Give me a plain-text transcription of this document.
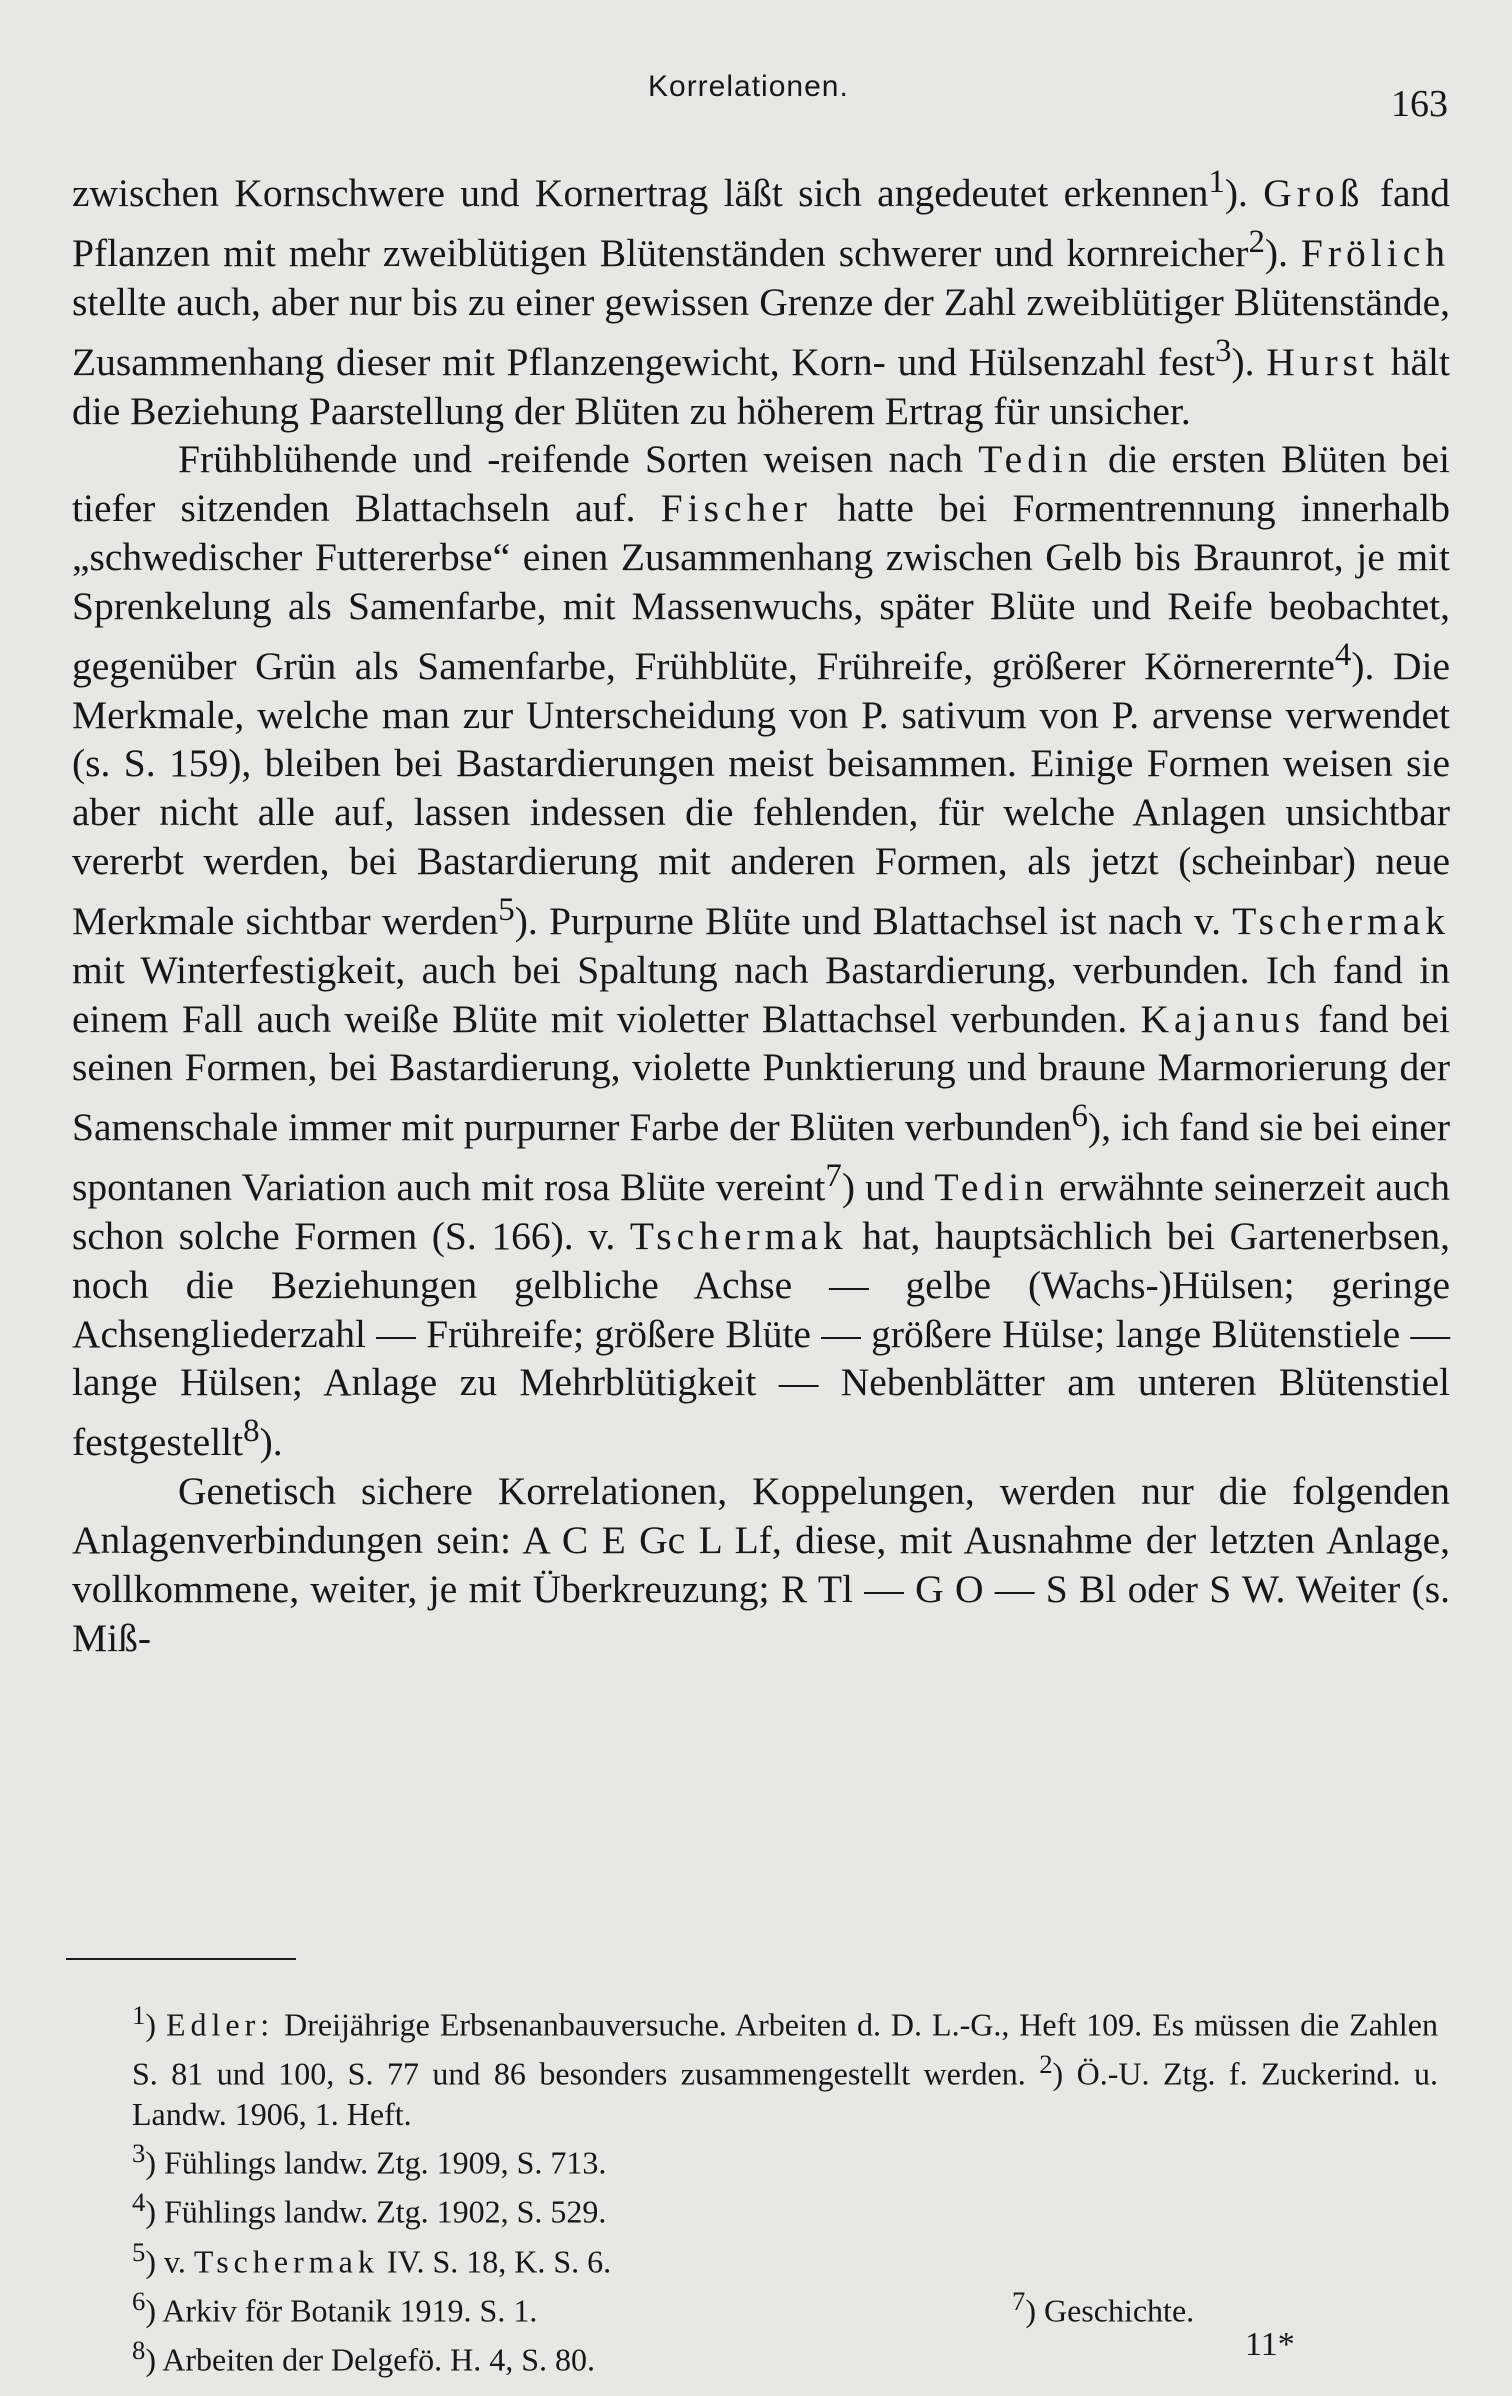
Korrelationen.	163

zwischen Kornschwere und Kornertrag läßt sich angedeutet erkennen$^1$). Groß fand Pflanzen mit mehr zweiblütigen Blütenständen schwerer und kornreicher$^2$). Frölich stellte auch, aber nur bis zu einer gewissen Grenze der Zahl zweiblütiger Blütenstände, Zusammenhang dieser mit Pflanzengewicht, Korn- und Hülsenzahl fest$^3$). Hurst hält die Beziehung Paarstellung der Blüten zu höherem Ertrag für unsicher.

Frühblühende und -reifende Sorten weisen nach Tedin die ersten Blüten bei tiefer sitzenden Blattachseln auf. Fischer hatte bei Formentrennung innerhalb „schwedischer Futtererbse“ einen Zusammenhang zwischen Gelb bis Braunrot, je mit Sprenkelung als Samenfarbe, mit Massenwuchs, später Blüte und Reife beobachtet, gegenüber Grün als Samenfarbe, Frühblüte, Frühreife, größerer Körnerernte$^4$). Die Merkmale, welche man zur Unterscheidung von P. sativum von P. arvense verwendet (s. S. 159), bleiben bei Bastardierungen meist beisammen. Einige Formen weisen sie aber nicht alle auf, lassen indessen die fehlenden, für welche Anlagen unsichtbar vererbt werden, bei Bastardierung mit anderen Formen, als jetzt (scheinbar) neue Merkmale sichtbar werden$^5$). Purpurne Blüte und Blattachsel ist nach v. Tschermak mit Winterfestigkeit, auch bei Spaltung nach Bastardierung, verbunden. Ich fand in einem Fall auch weiße Blüte mit violetter Blattachsel verbunden. Kajanus fand bei seinen Formen, bei Bastardierung, violette Punktierung und braune Marmorierung der Samenschale immer mit purpurner Farbe der Blüten verbunden$^6$), ich fand sie bei einer spontanen Variation auch mit rosa Blüte vereint$^7$) und Tedin erwähnte seinerzeit auch schon solche Formen (S. 166). v. Tschermak hat, hauptsächlich bei Gartenerbsen, noch die Beziehungen gelbliche Achse — gelbe (Wachs-)Hülsen; geringe Achsengliederzahl — Frühreife; größere Blüte — größere Hülse; lange Blütenstiele — lange Hülsen; Anlage zu Mehrblütigkeit — Nebenblätter am unteren Blütenstiel festgestellt$^8$).

Genetisch sichere Korrelationen, Koppelungen, werden nur die folgenden Anlagenverbindungen sein: A C E Gc L Lf, diese, mit Ausnahme der letzten Anlage, vollkommene, weiter, je mit Überkreuzung; R Tl — G O — S Bl oder S W. Weiter (s. Miß-

$^1$) Edler: Dreijährige Erbsenanbauversuche. Arbeiten d. D. L.-G., Heft 109. Es müssen die Zahlen S. 81 und 100, S. 77 und 86 besonders zusammengestellt werden. $^2$) Ö.-U. Ztg. f. Zuckerind. u. Landw. 1906, 1. Heft.

$^3$) Fühlings landw. Ztg. 1909, S. 713.

$^4$) Fühlings landw. Ztg. 1902, S. 529.

$^5$) v. Tschermak IV. S. 18, K. S. 6.

$^6$) Arkiv för Botanik 1919. S. 1.	$^7$) Geschichte.

$^8$) Arbeiten der Delgefö. H. 4, S. 80.	11*
